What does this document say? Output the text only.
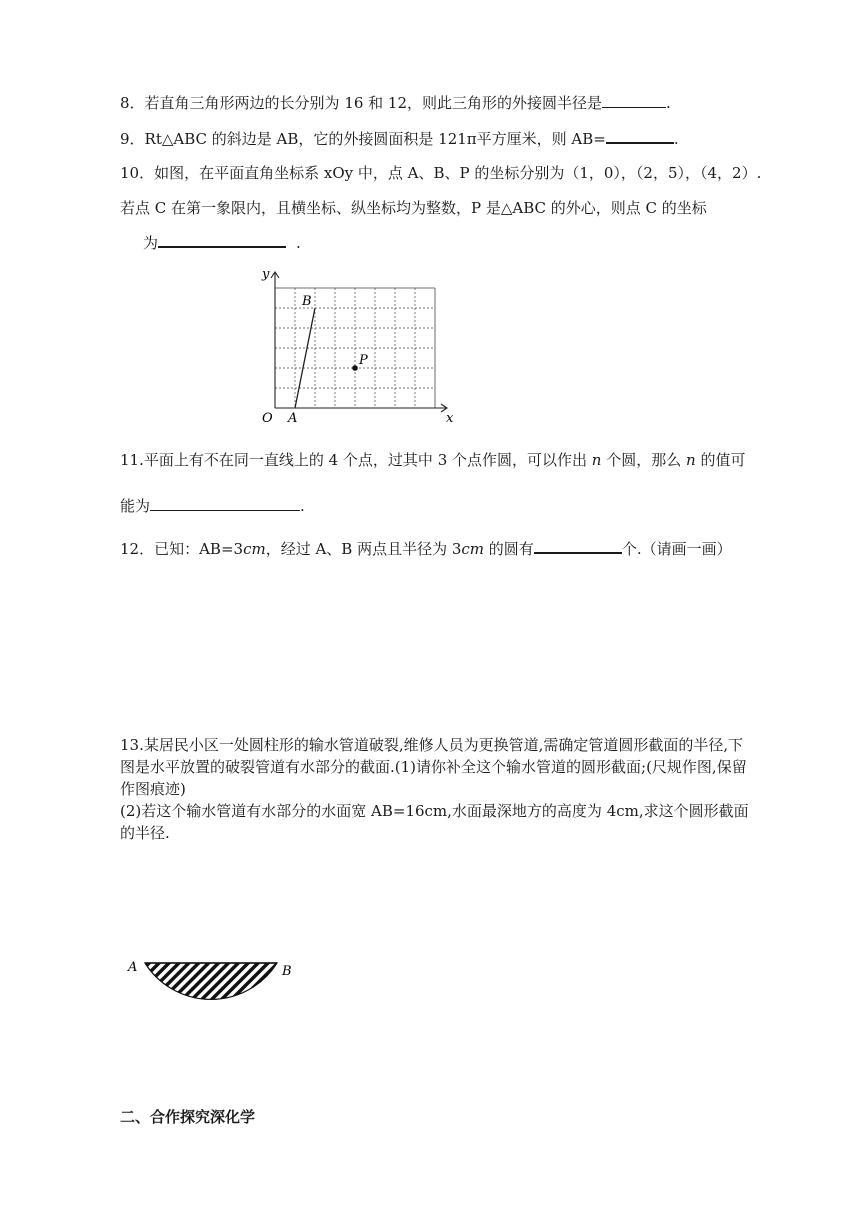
8．若直角三角形两边的长分别为 16 和 12，则此三角形的外接圆半径是	.
9．Rt△ABC 的斜边是 AB，它的外接圆面积是 121π平方厘米，则 AB=	.
10．如图，在平面直角坐标系 xOy 中，点 A、B、P 的坐标分别为（1，0），（2，5），（4，2）.
若点 C 在第一象限内，且横坐标、纵坐标均为整数，P 是△ABC 的外心，则点 C 的坐标
为	.
y
x
O A
B
P
11.平面上有不在同一直线上的 4 个点，过其中 3 个点作圆，可以作出 n 个圆，那么 n 的值可
能为	.
12．已知：AB=3cm，经过 A、B 两点且半径为 3cm 的圆有	个.（请画一画）
13.某居民小区一处圆柱形的输水管道破裂,维修人员为更换管道,需确定管道圆形截面的半径,下图是水平放置的破裂管道有水部分的截面.(1)请你补全这个输水管道的圆形截面;(尺规作图,保留作图痕迹)
(2)若这个输水管道有水部分的水面宽 AB=16cm,水面最深地方的高度为 4cm,求这个圆形截面的半径.
A	B
二、合作探究深化学
